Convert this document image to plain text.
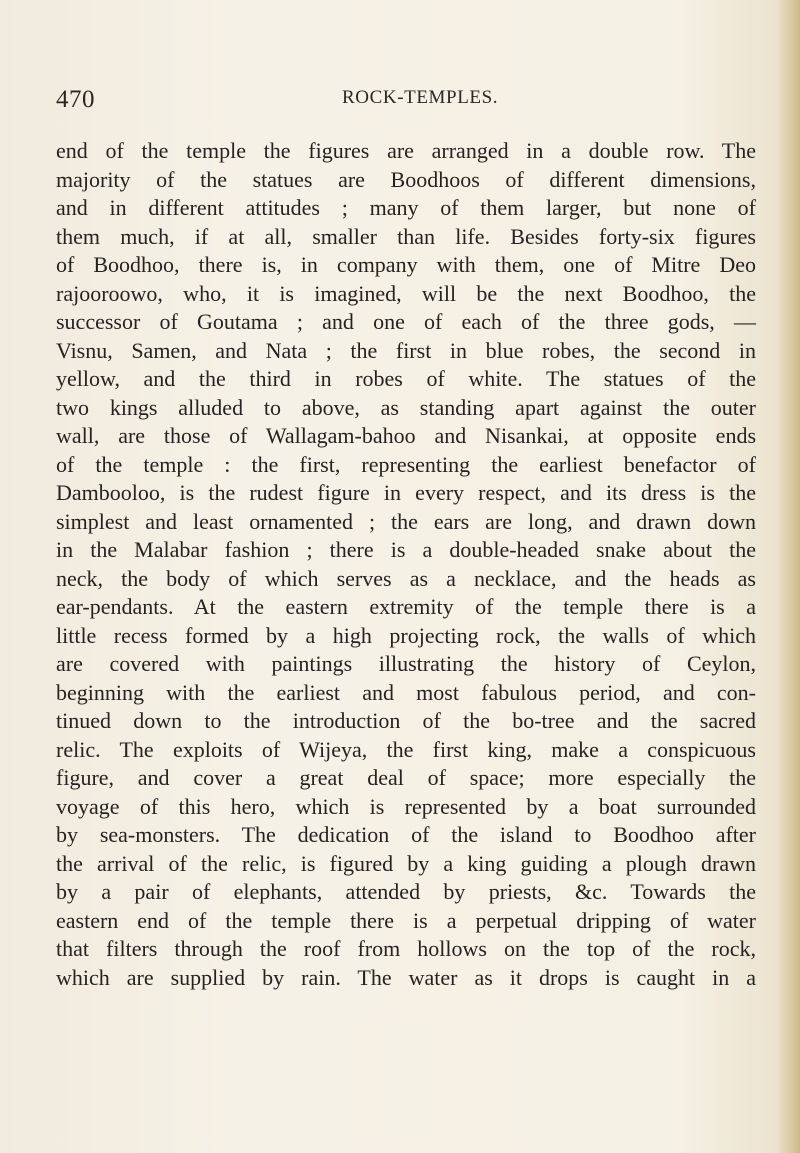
470	ROCK-TEMPLES.
end of the temple the figures are arranged in a double row. The
majority of the statues are Boodhoos of different dimensions,
and in different attitudes ; many of them larger, but none of
them much, if at all, smaller than life. Besides forty-six figures
of Boodhoo, there is, in company with them, one of Mitre Deo
rajooroowo, who, it is imagined, will be the next Boodhoo, the
successor of Goutama ; and one of each of the three gods, —
Visnu, Samen, and Nata ; the first in blue robes, the second in
yellow, and the third in robes of white. The statues of the
two kings alluded to above, as standing apart against the outer
wall, are those of Wallagam-bahoo and Nisankai, at opposite ends
of the temple : the first, representing the earliest benefactor of
Dambooloo, is the rudest figure in every respect, and its dress is the
simplest and least ornamented ; the ears are long, and drawn down
in the Malabar fashion ; there is a double-headed snake about the
neck, the body of which serves as a necklace, and the heads as
ear-pendants. At the eastern extremity of the temple there is a
little recess formed by a high projecting rock, the walls of which
are covered with paintings illustrating the history of Ceylon,
beginning with the earliest and most fabulous period, and con-
tinued down to the introduction of the bo-tree and the sacred
relic. The exploits of Wijeya, the first king, make a conspicuous
figure, and cover a great deal of space; more especially the
voyage of this hero, which is represented by a boat surrounded
by sea-monsters. The dedication of the island to Boodhoo after
the arrival of the relic, is figured by a king guiding a plough drawn
by a pair of elephants, attended by priests, &c. Towards the
eastern end of the temple there is a perpetual dripping of water
that filters through the roof from hollows on the top of the rock,
which are supplied by rain. The water as it drops is caught in a
